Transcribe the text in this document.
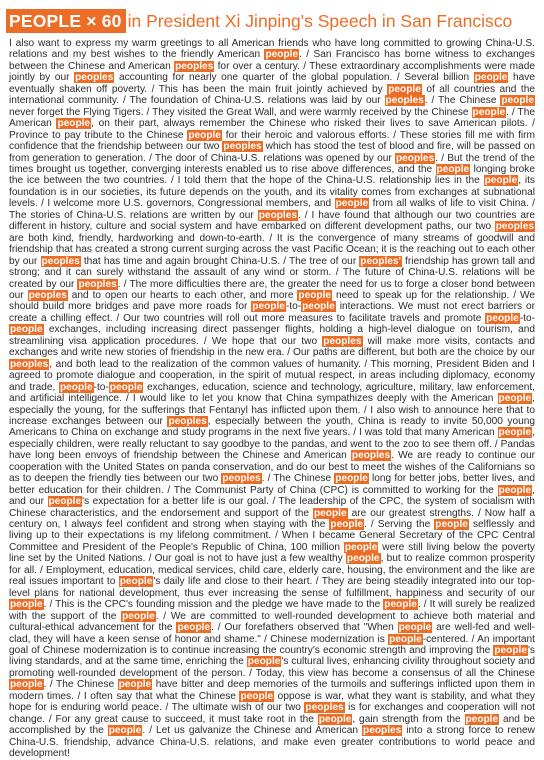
PEOPLE × 60 in President Xi Jinping's Speech in San Francisco

I also want to express my warm greetings to all American friends who have long committed to growing China-U.S. relations and my best wishes to the friendly American people. / San Francisco has borne witness to exchanges between the Chinese and American peoples for over a century. / These extraordinary accomplishments were made jointly by our peoples accounting for nearly one quarter of the global population. / Several billion people have eventually shaken off poverty. / This has been the main fruit jointly achieved by people of all countries and the international community. / The foundation of China-U.S. relations was laid by our peoples. / The Chinese people never forget the Flying Tigers. / They visited the Great Wall, and were warmly received by the Chinese people. / The American people, on their part, always remember the Chinese who risked their lives to save American pilots. / Province to pay tribute to the Chinese people for their heroic and valorous efforts. / These stories fill me with firm confidence that the friendship between our two peoples which has stood the test of blood and fire, will be passed on from generation to generation. / The door of China-U.S. relations was opened by our peoples. / But the trend of the times brought us together, converging interests enabled us to rise above differences, and the people longing broke the ice between the two countries. / I told them that the hope of the China-U.S. relationship lies in the people, its foundation is in our societies, its future depends on the youth, and its vitality comes from exchanges at subnational levels. / I welcome more U.S. governors, Congressional members, and people from all walks of life to visit China. / The stories of China-U.S. relations are written by our peoples. / I have found that although our two countries are different in history, culture and social system and have embarked on different development paths, our two peoples are both kind, friendly, hardworking and down-to-earth. / It is the convergence of many streams of goodwill and friendship that has created a strong current surging across the vast Pacific Ocean; it is the reaching out to each other by our peoples that has time and again brought China-U.S. / The tree of our peoples' friendship has grown tall and strong; and it can surely withstand the assault of any wind or storm. / The future of China-U.S. relations will be created by our peoples. / The more difficulties there are, the greater the need for us to forge a closer bond between our peoples and to open our hearts to each other, and more people need to speak up for the relationship. / We should build more bridges and pave more roads for people-to-people interactions. We must not erect barriers or create a chilling effect. / Our two countries will roll out more measures to facilitate travels and promote people-to-people exchanges, including increasing direct passenger flights, holding a high-level dialogue on tourism, and streamlining visa application procedures. / We hope that our two peoples will make more visits, contacts and exchanges and write new stories of friendship in the new era. / Our paths are different, but both are the choice by our peoples, and both lead to the realization of the common values of humanity. / This morning, President Biden and I agreed to promote dialogue and cooperation, in the spirit of mutual respect, in areas including diplomacy, economy and trade, people-to-people exchanges, education, science and technology, agriculture, military, law enforcement, and artificial intelligence. / I would like to let you know that China sympathizes deeply with the American people, especially the young, for the sufferings that Fentanyl has inflicted upon them. / I also wish to announce here that to increase exchanges between our peoples, especially between the youth, China is ready to invite 50,000 young Americans to China on exchange and study programs in the next five years. / I was told that many American people, especially children, were really reluctant to say goodbye to the pandas, and went to the zoo to see them off. / Pandas have long been envoys of friendship between the Chinese and American peoples. We are ready to continue our cooperation with the United States on panda conservation, and do our best to meet the wishes of the Californians so as to deepen the friendly ties between our two peoples. / The Chinese people long for better jobs, better lives, and better education for their children. / The Communist Party of China (CPC) is committed to working for the people, and our people's expectation for a better life is our goal. / The leadership of the CPC, the system of socialism with Chinese characteristics, and the endorsement and support of the people are our greatest strengths. / Now half a century on, I always feel confident and strong when staying with the people. / Serving the people selflessly and living up to their expectations is my lifelong commitment. / When I became General Secretary of the CPC Central Committee and President of the People's Republic of China, 100 million people were still living below the poverty line set by the United Nations. / Our goal is not to have just a few wealthy people, but to realize common prosperity for all. / Employment, education, medical services, child care, elderly care, housing, the environment and the like are real issues important to people's daily life and close to their heart. / They are being steadily integrated into our top-level plans for national development, thus ever increasing the sense of fulfillment, happiness and security of our people. / This is the CPC's founding mission and the pledge we have made to the people. / It will surely be realized with the support of the people. / We are committed to well-rounded development to achieve both material and cultural-ethical advancement for the people. / Our forefathers observed that "When people are well-fed and well-clad, they will have a keen sense of honor and shame." / Chinese modernization is people-centered. / An important goal of Chinese modernization is to continue increasing the country's economic strength and improving the people's living standards, and at the same time, enriching the people's cultural lives, enhancing civility throughout society and promoting well-rounded development of the person. / Today, this view has become a consensus of all the Chinese people. / The Chinese people have bitter and deep memories of the turmoils and sufferings inflicted upon them in modern times. / I often say that what the Chinese people oppose is war, what they want is stability, and what they hope for is enduring world peace. / The ultimate wish of our two peoples is for exchanges and cooperation will not change. / For any great cause to succeed, it must take root in the people, gain strength from the people and be accomplished by the people. / Let us galvanize the Chinese and American peoples into a strong force to renew China-U.S. friendship, advance China-U.S. relations, and make even greater contributions to world peace and development!
